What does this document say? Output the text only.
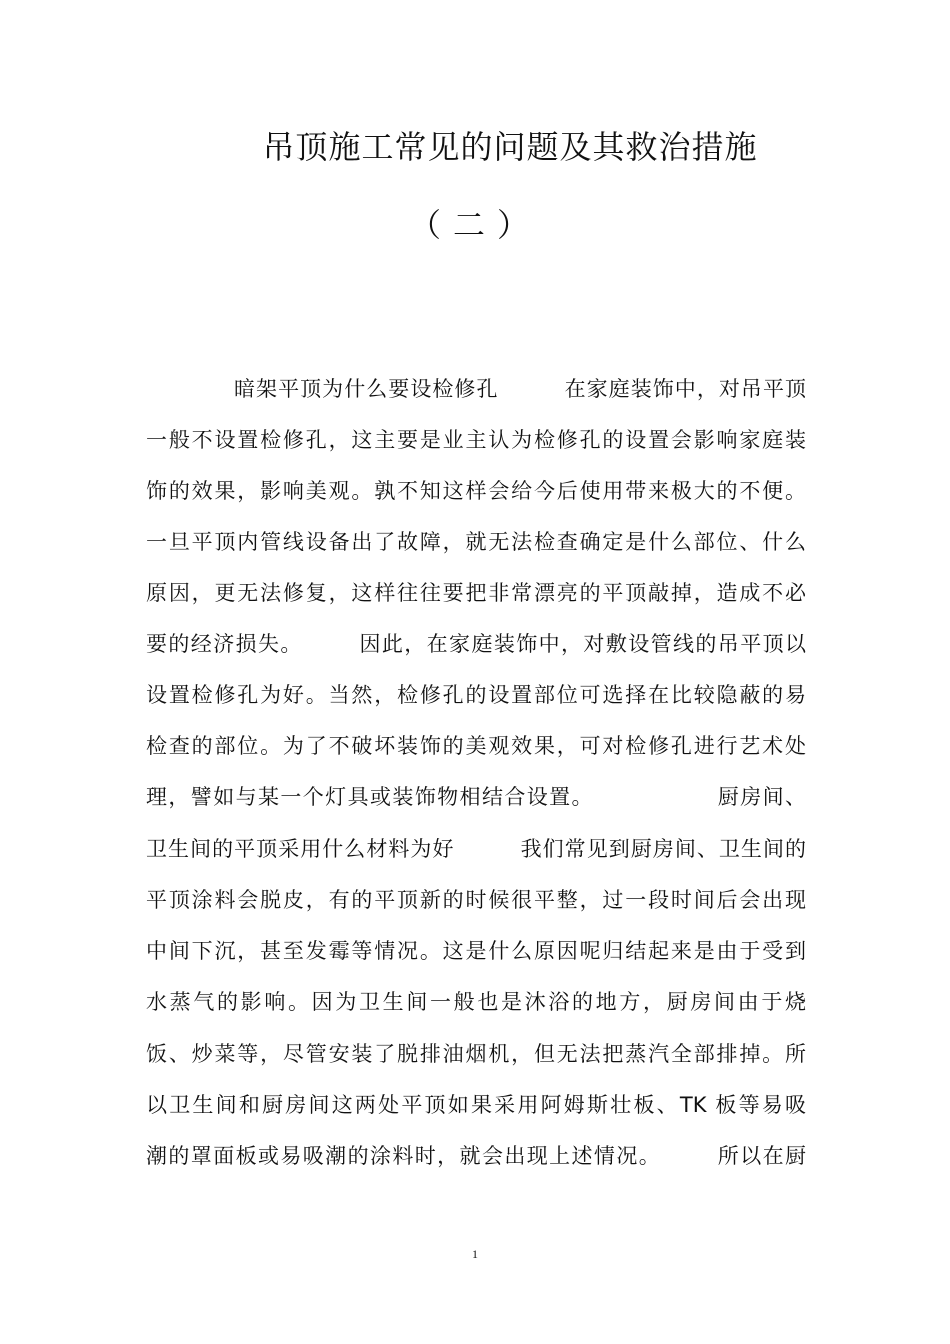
吊顶施工常见的问题及其救治措施
（二）
暗架平顶为什么要设检修孔　　　在家庭装饰中，对吊平顶
一般不设置检修孔，这主要是业主认为检修孔的设置会影响家庭装
饰的效果，影响美观。孰不知这样会给今后使用带来极大的不便。
一旦平顶内管线设备出了故障，就无法检查确定是什么部位、什么
原因，更无法修复，这样往往要把非常漂亮的平顶敲掉，造成不必
要的经济损失。　　　因此，在家庭装饰中，对敷设管线的吊平顶以
设置检修孔为好。当然，检修孔的设置部位可选择在比较隐蔽的易
检查的部位。为了不破坏装饰的美观效果，可对检修孔进行艺术处
理，譬如与某一个灯具或装饰物相结合设置。　　　　　　厨房间、
卫生间的平顶采用什么材料为好　　　我们常见到厨房间、卫生间的
平顶涂料会脱皮，有的平顶新的时候很平整，过一段时间后会出现
中间下沉，甚至发霉等情况。这是什么原因呢归结起来是由于受到
水蒸气的影响。因为卫生间一般也是沐浴的地方，厨房间由于烧
饭、炒菜等，尽管安装了脱排油烟机，但无法把蒸汽全部排掉。所
以卫生间和厨房间这两处平顶如果采用阿姆斯壮板、TK 板等易吸
潮的罩面板或易吸潮的涂料时，就会出现上述情况。　　　所以在厨
1
